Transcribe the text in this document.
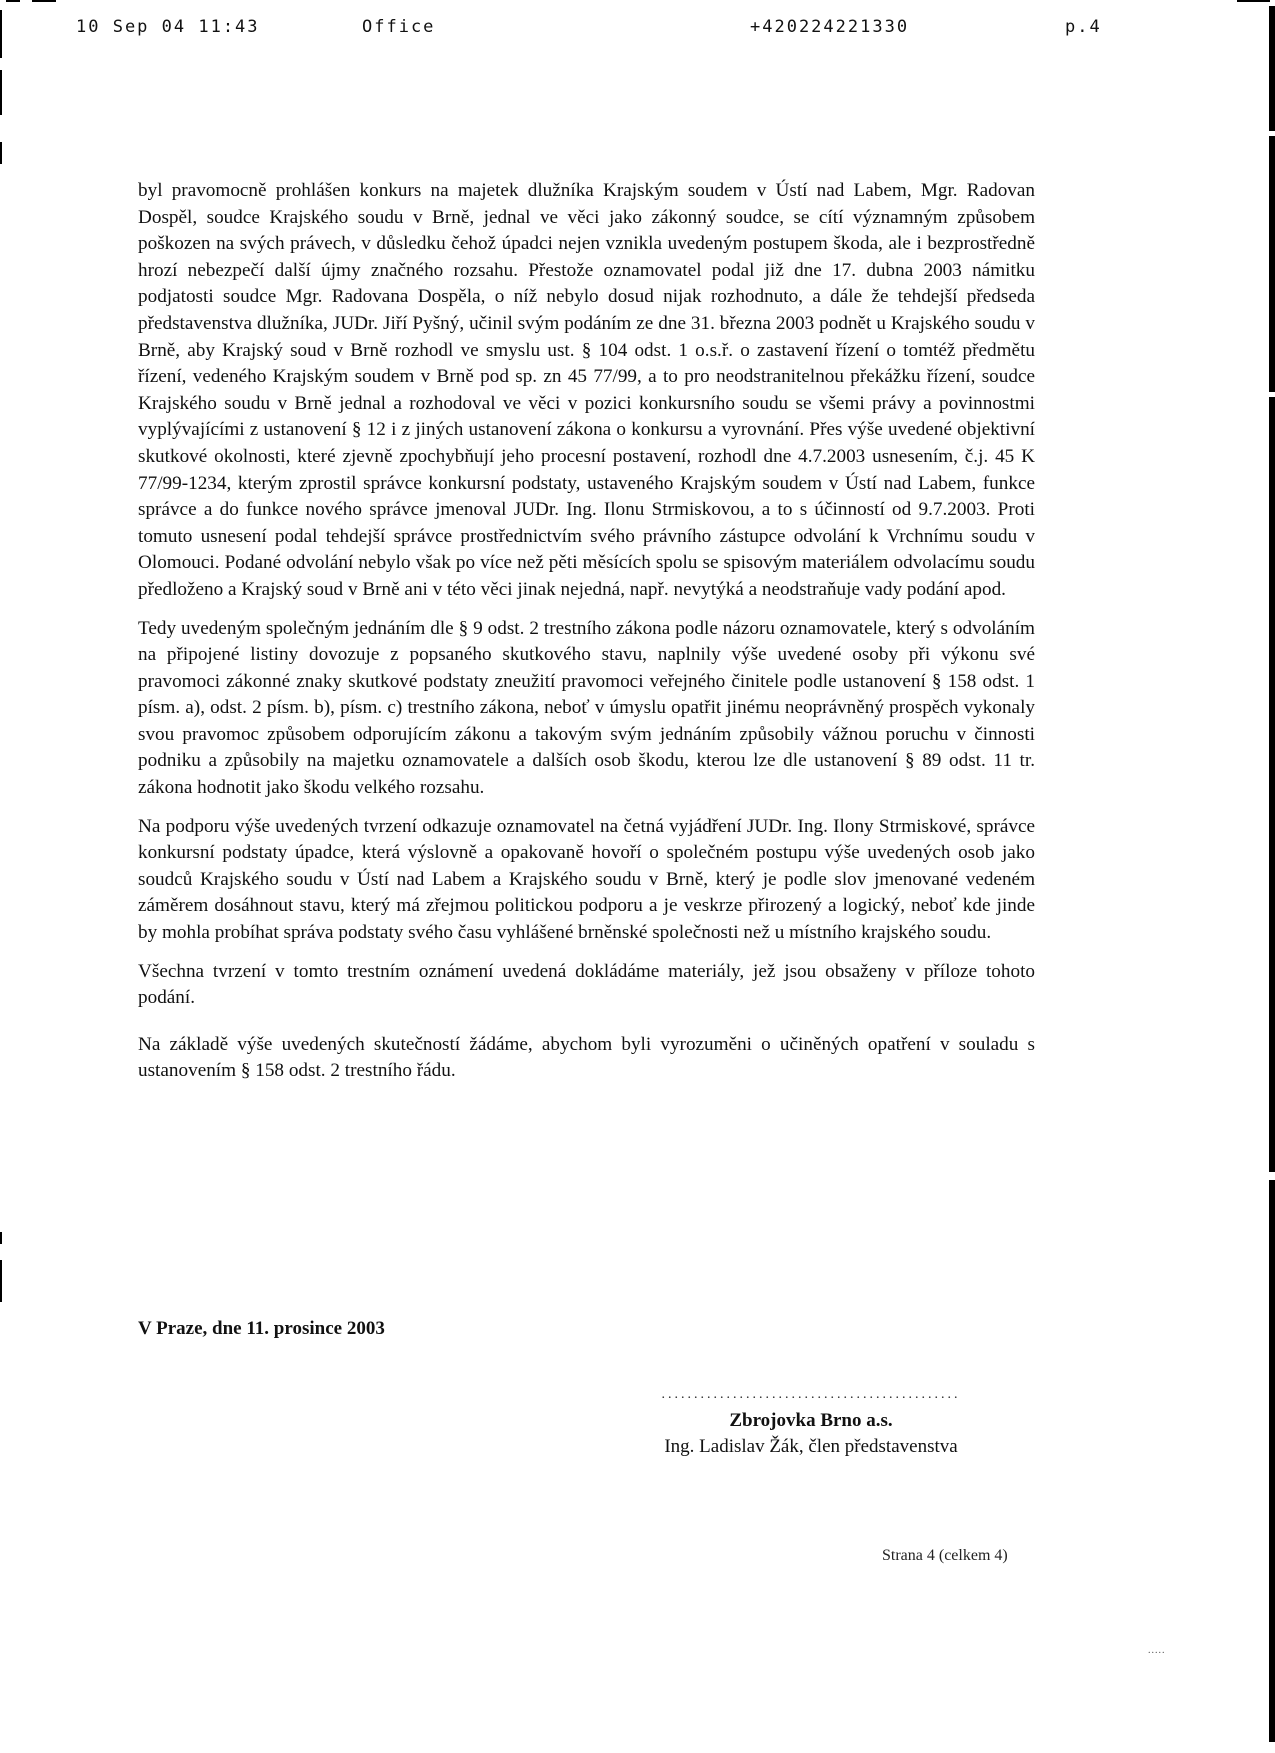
10 Sep 04 11:43	Office	+420224221330	p.4

byl pravomocně prohlášen konkurs na majetek dlužníka Krajským soudem v Ústí nad Labem, Mgr. Radovan Dospěl, soudce Krajského soudu v Brně, jednal ve věci jako zákonný soudce, se cítí významným způsobem poškozen na svých právech, v důsledku čehož úpadci nejen vznikla uvedeným postupem škoda, ale i bezprostředně hrozí nebezpečí další újmy značného rozsahu. Přestože oznamovatel podal již dne 17. dubna 2003 námitku podjatosti soudce Mgr. Radovana Dospěla, o níž nebylo dosud nijak rozhodnuto, a dále že tehdejší předseda představenstva dlužníka, JUDr. Jiří Pyšný, učinil svým podáním ze dne 31. března 2003 podnět u Krajského soudu v Brně, aby Krajský soud v Brně rozhodl ve smyslu ust. § 104 odst. 1 o.s.ř. o zastavení řízení o tomtéž předmětu řízení, vedeného Krajským soudem v Brně pod sp. zn 45 77/99, a to pro neodstranitelnou překážku řízení, soudce Krajského soudu v Brně jednal a rozhodoval ve věci v pozici konkursního soudu se všemi právy a povinnostmi vyplývajícími z ustanovení § 12 i z jiných ustanovení zákona o konkursu a vyrovnání. Přes výše uvedené objektivní skutkové okolnosti, které zjevně zpochybňují jeho procesní postavení, rozhodl dne 4.7.2003 usnesením, č.j. 45 K 77/99-1234, kterým zprostil správce konkursní podstaty, ustaveného Krajským soudem v Ústí nad Labem, funkce správce a do funkce nového správce jmenoval JUDr. Ing. Ilonu Strmiskovou, a to s účinností od 9.7.2003. Proti tomuto usnesení podal tehdejší správce prostřednictvím svého právního zástupce odvolání k Vrchnímu soudu v Olomouci. Podané odvolání nebylo však po více než pěti měsících spolu se spisovým materiálem odvolacímu soudu předloženo a Krajský soud v Brně ani v této věci jinak nejedná, např. nevytýká a neodstraňuje vady podání apod.

Tedy uvedeným společným jednáním dle § 9 odst. 2 trestního zákona podle názoru oznamovatele, který s odvoláním na připojené listiny dovozuje z popsaného skutkového stavu, naplnily výše uvedené osoby při výkonu své pravomoci zákonné znaky skutkové podstaty zneužití pravomoci veřejného činitele podle ustanovení § 158 odst. 1 písm. a), odst. 2 písm. b), písm. c) trestního zákona, neboť v úmyslu opatřit jinému neoprávněný prospěch vykonaly svou pravomoc způsobem odporujícím zákonu a takovým svým jednáním způsobily vážnou poruchu v činnosti podniku a způsobily na majetku oznamovatele a dalších osob škodu, kterou lze dle ustanovení § 89 odst. 11 tr. zákona hodnotit jako škodu velkého rozsahu.

Na podporu výše uvedených tvrzení odkazuje oznamovatel na četná vyjádření JUDr. Ing. Ilony Strmiskové, správce konkursní podstaty úpadce, která výslovně a opakovaně hovoří o společném postupu výše uvedených osob jako soudců Krajského soudu v Ústí nad Labem a Krajského soudu v Brně, který je podle slov jmenované vedeném záměrem dosáhnout stavu, který má zřejmou politickou podporu a je veskrze přirozený a logický, neboť kde jinde by mohla probíhat správa podstaty svého času vyhlášené brněnské společnosti než u místního krajského soudu.

Všechna tvrzení v tomto trestním oznámení uvedená dokládáme materiály, jež jsou obsaženy v příloze tohoto podání.

Na základě výše uvedených skutečností žádáme, abychom byli vyrozuměni o učiněných opatření v souladu s ustanovením § 158 odst. 2 trestního řádu.

V Praze, dne 11. prosince 2003
..............................................
Zbrojovka Brno a.s.
Ing. Ladislav Žák, člen představenstva
Strana 4 (celkem 4)
.....
